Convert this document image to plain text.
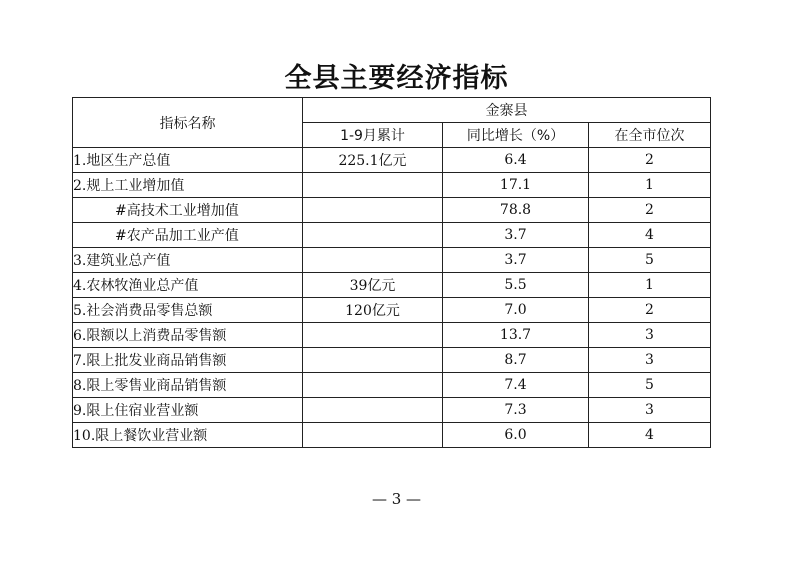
全县主要经济指标
指标名称	金寨县		
	1-9月累计	同比增长（%）	在全市位次
1.地区生产总值	225.1亿元	6.4	2
2.规上工业增加值		17.1	1
#高技术工业增加值		78.8	2
#农产品加工业产值		3.7	4
3.建筑业总产值		3.7	5
4.农林牧渔业总产值	39亿元	5.5	1
5.社会消费品零售总额	120亿元	7.0	2
6.限额以上消费品零售额		13.7	3
7.限上批发业商品销售额		8.7	3
8.限上零售业商品销售额		7.4	5
9.限上住宿业营业额		7.3	3
10.限上餐饮业营业额		6.0	4
— 3 —
